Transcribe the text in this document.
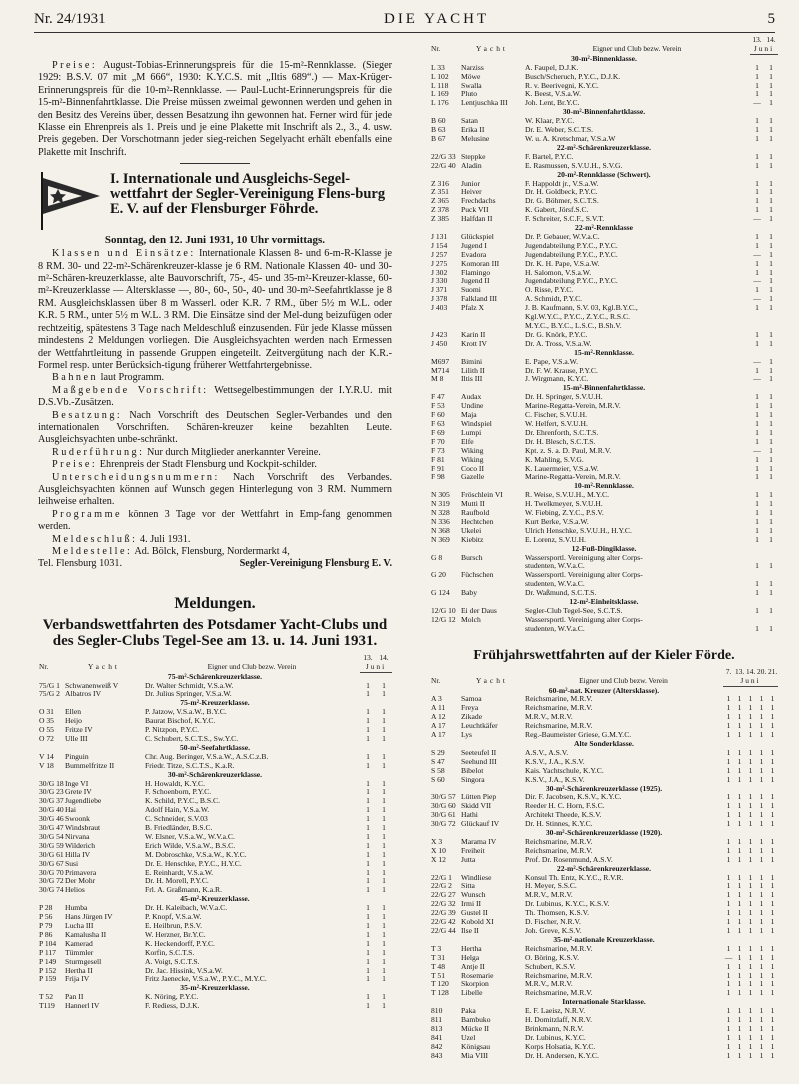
Nr. 24/1931	DIE YACHT	5

Preise: August-Tobias-Erinnerungspreis für die 15-m²-Rennklasse. (Sieger 1929: B.S.V. 07 mit „M 666“, 1930: K.Y.C.S. mit „Iltis 689“.) — Max-Krüger-Erinnerungspreis für die 10-m²-Rennklasse. — Paul-Lucht-Erinnerungspreis für die 15-m²-Binnenfahrtklasse. Die Preise müssen zweimal gewonnen werden und gehen in den Besitz des Vereins über, dessen Besatzung ihn gewonnen hat. Ferner wird für jede Klasse ein Ehrenpreis als 1. Preis und je eine Plakette mit Inschrift als 2., 3., 4. usw. Preis gegeben. Der Vorschotmann jeder sieg-reichen Segelyacht erhält ebenfalls eine Plakette mit Inschrift.

I. Internationale und Ausgleichs-Segel-wettfahrt der Segler-Vereinigung Flens-burg E. V. auf der Flensburger Föhrde.
Sonntag, den 12. Juni 1931, 10 Uhr vormittags.

Klassen und Einsätze: Internationale Klassen 8- und 6-m-R-Klasse je 8 RM. 30- und 22-m²-Schärenkreuzer-klasse je 6 RM. Nationale Klassen 40- und 30-m²-Schären-kreuzerklasse, alte Bauvorschrift, 75-, 45- und 35-m²-Kreuzer-klasse, 60-m²-Kreuzerklasse — Altersklasse —, 80-, 60-, 50-, 40- und 30-m²-Seefahrtklasse je 8 RM. Ausgleichsklassen über 8 m Wasserl. oder K.R. 7 RM., über 5½ m W.L. oder K.R. 5 RM., unter 5½ m W.L. 3 RM. Die Einsätze sind der Mel-dung beizufügen oder rechtzeitig, spätestens 3 Tage nach Meldeschluß einzusenden. Für jede Klasse müssen mindestens 2 Meldungen vorliegen. Die Ausgleichsyachten werden nach Ermessen der Wettfahrtleitung in passende Gruppen eingeteilt. Zeitvergütung nach der K.R.-Formel resp. unter Berücksich-tigung früherer Wettfahrtergebnisse.

Bahnen laut Programm.

Maßgebende Vorschrift: Wettsegelbestimmungen der I.Y.R.U. mit D.S.Vb.-Zusätzen.

Besatzung: Nach Vorschrift des Deutschen Segler-Verbandes und den internationalen Vorschriften. Schären-kreuzer keine bezahlten Leute. Ausgleichsyachten unbe-schränkt.

Ruderführung: Nur durch Mitglieder anerkannter Vereine.

Preise: Ehrenpreis der Stadt Flensburg und Kockpit-schilder.

Unterscheidungsnummern: Nach Vorschrift des Verbandes. Ausgleichsyachten können auf Wunsch gegen Hinterlegung von 3 RM. Nummern leihweise erhalten.

Programme können 3 Tage vor der Wettfahrt in Emp-fang genommen werden.

Meldeschluß: 4. Juli 1931.

Meldestelle: Ad. Bölck, Flensburg, Nordermarkt 4,

Tel. Flensburg 1031.	Segler-Vereinigung Flensburg E. V.

Meldungen.
Verbandswettfahrten des Potsdamer Yacht-Clubs und des Segler-Clubs Tegel-See am 13. u. 14. Juni 1931.
Nr.	Yacht	Eigner und Club bezw. Verein	13.	14.
			Juni	
75-m²-Schärenkreuzerklasse.				
75/G 1	Schwanenweiß V	Dr. Walter Schmidt, V.S.a.W.	1	1
75/G 2	Albatros IV	Dr. Julius Springer, V.S.a.W.	1	1
75-m²-Kreuzerklasse.				
O 31	Ellen	P. Jatzow, V.S.a.W., B.Y.C.	1	1
O 35	Heijo	Baurat Bischof, K.Y.C.	1	1
O 55	Fritze IV	P. Nitzpon, P.Y.C.	1	1
O 72	Ulle III	C. Schubert, S.C.T.S., Sw.Y.C.	1	1
50-m²-Seefahrtklasse.				
V 14	Pinguin	Chr. Aug. Beringer, V.S.a.W., A.S.C.z.B.	1	1
V 18	Bummelfritze II	Friedr. Titze, S.C.T.S., K.a.R.	1	1
30-m²-Schärenkreuzerklasse.				
30/G 18	Inge VI	H. Howaldt, K.Y.C.	1	1
30/G 23	Grete IV	F. Schoenborn, P.Y.C.	1	1
30/G 37	Jugendliebe	K. Schild, P.Y.C., B.S.C.	1	1
30/G 40	Hai	Adolf Hain, V.S.a.W.	1	1
30/G 46	Swoonk	C. Schneider, S.V.03	1	1
30/G 47	Windsbraut	B. Friedländer, B.S.C.	1	1
30/G 54	Nirvana	W. Elsner, V.S.a.W., W.V.a.C.	1	1
30/G 59	Wilderich	Erich Wilde, V.S.a.W., B.S.C.	1	1
30/G 61	Hilla IV	M. Dobroschke, V.S.a.W., K.Y.C.	1	1
30/G 67	Susi	Dr. E. Henschke, P.Y.C., H.Y.C.	1	1
30/G 70	Primavera	E. Reinhardt, V.S.a.W.	1	1
30/G 72	Der Mohr	Dr. H. Morell, P.Y.C.	1	1
30/G 74	Helios	Frl. A. Graßmann, K.a.R.	1	1
45-m²-Kreuzerklasse.				
P 28	Humba	Dr. H. Kaleibach, W.V.a.C.	1	1
P 56	Hans Jürgen IV	P. Knopf, V.S.a.W.	1	1
P 79	Lucha III	E. Heilbrun, P.S.V.	1	1
P 86	Kamalusha II	W. Herzner, Br.Y.C.	1	1
P 104	Kamerad	K. Heckendorff, P.Y.C.	1	1
P 117	Tümmler	Korfin, S.C.T.S.	1	1
P 149	Sturmgesell	A. Voigt, S.C.T.S.	1	1
P 152	Hertha II	Dr. Jac. Hissink, V.S.a.W.	1	1
P 159	Frija IV	Fritz Jaenecke, V.S.a.W., P.Y.C., M.Y.C.	1	1
35-m²-Kreuzerklasse.				
T 52	Pan II	K. Nöring, P.Y.C.	1	1
T119	Hannerl IV	F. Rediess, D.J.K.	1	1
Nr.	Yacht	Eigner und Club bezw. Verein	13.	14.
			Juni	
30-m²-Binnenklasse.				
L 33	Narziss	A. Faupel, D.J.K.	1	1
L 102	Möwe	Busch/Scheruch, P.Y.C., D.J.K.	1	1
L 118	Swalla	R. v. Beerivegni, K.Y.C.	1	1
L 169	Pluto	K. Beest, V.S.a.W.	1	1
L 176	Lentjuschka III	Joh. Lent, Br.Y.C.	—	1
30-m²-Binnenfahrtklasse.				
B 60	Satan	W. Klaar, P.Y.C.	1	1
B 63	Erika II	Dr. E. Weber, S.C.T.S.	1	1
B 67	Melusine	W. u. A. Kretschmar, V.S.a.W	1	1
22-m²-Schärenkreuzerklasse.				
22/G 33	Steppke	F. Bartel, P.Y.C.	1	1
22/G 40	Aladin	E. Rasmussen, S.V.U.H., S.V.G.	1	1
20-m²-Rennklasse (Schwert).				
Z 316	Junior	F. Happoldt jr., V.S.a.W.	1	1
Z 351	Heiver	Dr. H. Goldbeck, P.Y.C.	1	1
Z 365	Frechdachs	Dr. G. Böhmer, S.C.T.S.	1	1
Z 378	Puck VII	K. Gabert, Jörsf.S.C.	1	1
Z 385	Halfdan II	F. Schreiter, S.C.F., S.V.T.	—	1
22-m²-Rennklasse				
J 131	Glückspiel	Dr. P. Gebauer, W.V.a.C.	1	1
J 154	Jugend I	Jugendabteilung P.Y.C., P.Y.C.	1	1
J 257	Evadora	Jugendabteilung P.Y.C., P.Y.C.	—	1
J 275	Komoran III	Dr. K. H. Pape, V.S.a.W.	1	1
J 302	Flamingo	H. Salomon, V.S.a.W.	1	1
J 330	Jugend II	Jugendabteilung P.Y.C., P.Y.C.	—	1
J 371	Suomi	O. Risse, P.Y.C.	1	1
J 378	Falkland III	A. Schmidt, P.Y.C.	—	1
J 403	Pfalz X	J. B. Kaufmann, S.V. 03, Kgl.B.Y.C.,	1	1
		Kgl.W.Y.C., P.Y.C., Z.Y.C., R.S.C.		
		M.Y.C., B.Y.C., L.S.C., B.Sh.V.		
J 423	Karin II	Dr. G. Knörk, P.Y.C.	1	1
J 450	Krott IV	Dr. A. Tross, V.S.a.W.	1	1
15-m²-Rennklasse.				
M697	Bimini	E. Pape, V.S.a.W.	—	1
M714	Lilith II	Dr. F. W. Krause, P.Y.C.	1	1
M 8	Iltis III	J. Wirgmann, K.Y.C.	—	1
15-m²-Binnenfahrtklasse.				
F 47	Audax	Dr. H. Springer, S.V.U.H.	1	1
F 53	Undine	Marine-Regatta-Verein, M.R.V.	1	1
F 60	Maja	C. Fischer, S.V.U.H.	1	1
F 63	Windspiel	W. Helfert, S.V.U.H.	1	1
F 69	Lumpi	Dr. Ehrenforth, S.C.T.S.	1	1
F 70	Elfe	Dr. H. Blesch, S.C.T.S.	1	1
F 73	Wiking	Kpt. z. S. a. D. Paul, M.R.V.	—	1
F 81	Wiking	K. Mahling, S.V.G.	1	1
F 91	Coco II	K. Lauermeier, V.S.a.W.	1	1
F 98	Gazelle	Marine-Regatta-Verein, M.R.V.	1	1
10-m²-Rennklasse.				
N 305	Fröschlein VI	R. Weise, S.V.U.H., M.Y.C.	1	1
N 319	Mutti II	H. Twelkmeyer, S.V.U.H.	1	1
N 328	Raufbold	W. Fiebing, Z.Y.C., P.S.V.	1	1
N 336	Hechtchen	Kurt Berke, V.S.a.W.	1	1
N 368	Ukelei	Ulrich Henschke, S.V.U.H., H.Y.C.	1	1
N 369	Kiebitz	E. Lorenz, S.V.U.H.	1	1
12-Fuß-Dingiklasse.				
G 8	Bursch	Wassersportl. Vereinigung alter Corps-		
		studenten, W.V.a.C.	1	1
G 20	Füchschen	Wassersportl. Vereinigung alter Corps-		
		studenten, W.V.a.C.	1	1
G 124	Baby	Dr. Waßmund, S.C.T.S.	1	1
12-m²-Einheitsklasse.				
12/G 10	Ei der Daus	Segler-Club Tegel-See, S.C.T.S.	1	1
12/G 12	Molch	Wassersportl. Vereinigung alter Corps-		
		studenten, W.V.a.C.	1	1
Frühjahrswettfahrten auf der Kieler Förde.
Nr.	Yacht	Eigner und Club bezw. Verein	7.	13.	14.	20.	21.
			Juni				
60-m²-nat. Kreuzer (Altersklasse).							
A 3	Samoa	Reichsmarine, M.R.V.	1	1	1	1	1
A 11	Freya	Reichsmarine, M.R.V.	1	1	1	1	1
A 12	Zikade	M.R.V., M.R.V.	1	1	1	1	1
A 17	Leuchtkäfer	Reichsmarine, M.R.V.	1	1	1	1	1
A 17	Lys	Reg.-Baumeister Griese, G.M.Y.C.	1	1	1	1	1
Alte Sonderklasse.							
S 29	Seeteufel II	A.S.V., A.S.V.	1	1	1	1	1
S 47	Seehund III	K.S.V., J.A., K.S.V.	1	1	1	1	1
S 58	Bibelot	Kais. Yachtschule, K.Y.C.	1	1	1	1	1
S 60	Singora	K.S.V., J.A., K.S.V.	1	1	1	1	1
30-m²-Schärenkreuzerklasse (1925).							
30/G 57	Lütten Piep	Dir. F. Jacobsen, K.S.V., K.Y.C.	1	1	1	1	1
30/G 60	Skidd VII	Reeder H. C. Horn, F.S.C.	1	1	1	1	1
30/G 61	Hathi	Architekt Theede, K.S.V.	1	1	1	1	1
30/G 72	Glückauf IV	Dr. H. Stinnes, K.Y.C.	1	1	1	1	1
30-m²-Schärenkreuzerklasse (1920).							
X 3	Marama IV	Reichsmarine, M.R.V.	1	1	1	1	1
X 10	Freiheit	Reichsmarine, M.R.V.	1	1	1	1	1
X 12	Jutta	Prof. Dr. Rosenmund, A.S.V.	1	1	1	1	1
22-m²-Schärenkreuzerklasse.							
22/G 1	Windliese	Konsul Th. Entz, K.Y.C., R.V.R.	1	1	1	1	1
22/G 2	Sitta	H. Meyer, S.S.C.	1	1	1	1	1
22/G 27	Wunsch	M.R.V., M.R.V.	1	1	1	1	1
22/G 32	Irmi II	Dr. Lubinus, K.Y.C., K.S.V.	1	1	1	1	1
22/G 39	Gustel II	Th. Thomsen, K.S.V.	1	1	1	1	1
22/G 42	Kobold XI	D. Fischer, N.R.V.	1	1	1	1	1
22/G 44	Ilse II	Joh. Greve, K.S.V.	1	1	1	1	1
35-m²-nationale Kreuzerklasse.							
T 3	Hertha	Reichsmarine, M.R.V.	1	1	1	1	1
T 31	Helga	O. Böring, K.S.V.	—	1	1	1	1
T 48	Antje II	Schubert, K.S.V.	1	1	1	1	1
T 51	Rosemarie	Reichsmarine, M.R.V.	1	1	1	1	1
T 120	Skorpion	M.R.V., M.R.V.	1	1	1	1	1
T 128	Libelle	Reichsmarine, M.R.V.	1	1	1	1	1
Internationale Starklasse.							
810	Paka	E. F. Laeisz, N.R.V.	1	1	1	1	1
811	Bambuko	H. Domitzlaff, N.R.V.	1	1	1	1	1
813	Mücke II	Brinkmann, N.R.V.	1	1	1	1	1
841	Uzel	Dr. Lubinus, K.Y.C.	1	1	1	1	1
842	Königsau	Korps Holsatia, K.Y.C.	1	1	1	1	1
843	Mia VIII	Dr. H. Andersen, K.Y.C.	1	1	1	1	1
